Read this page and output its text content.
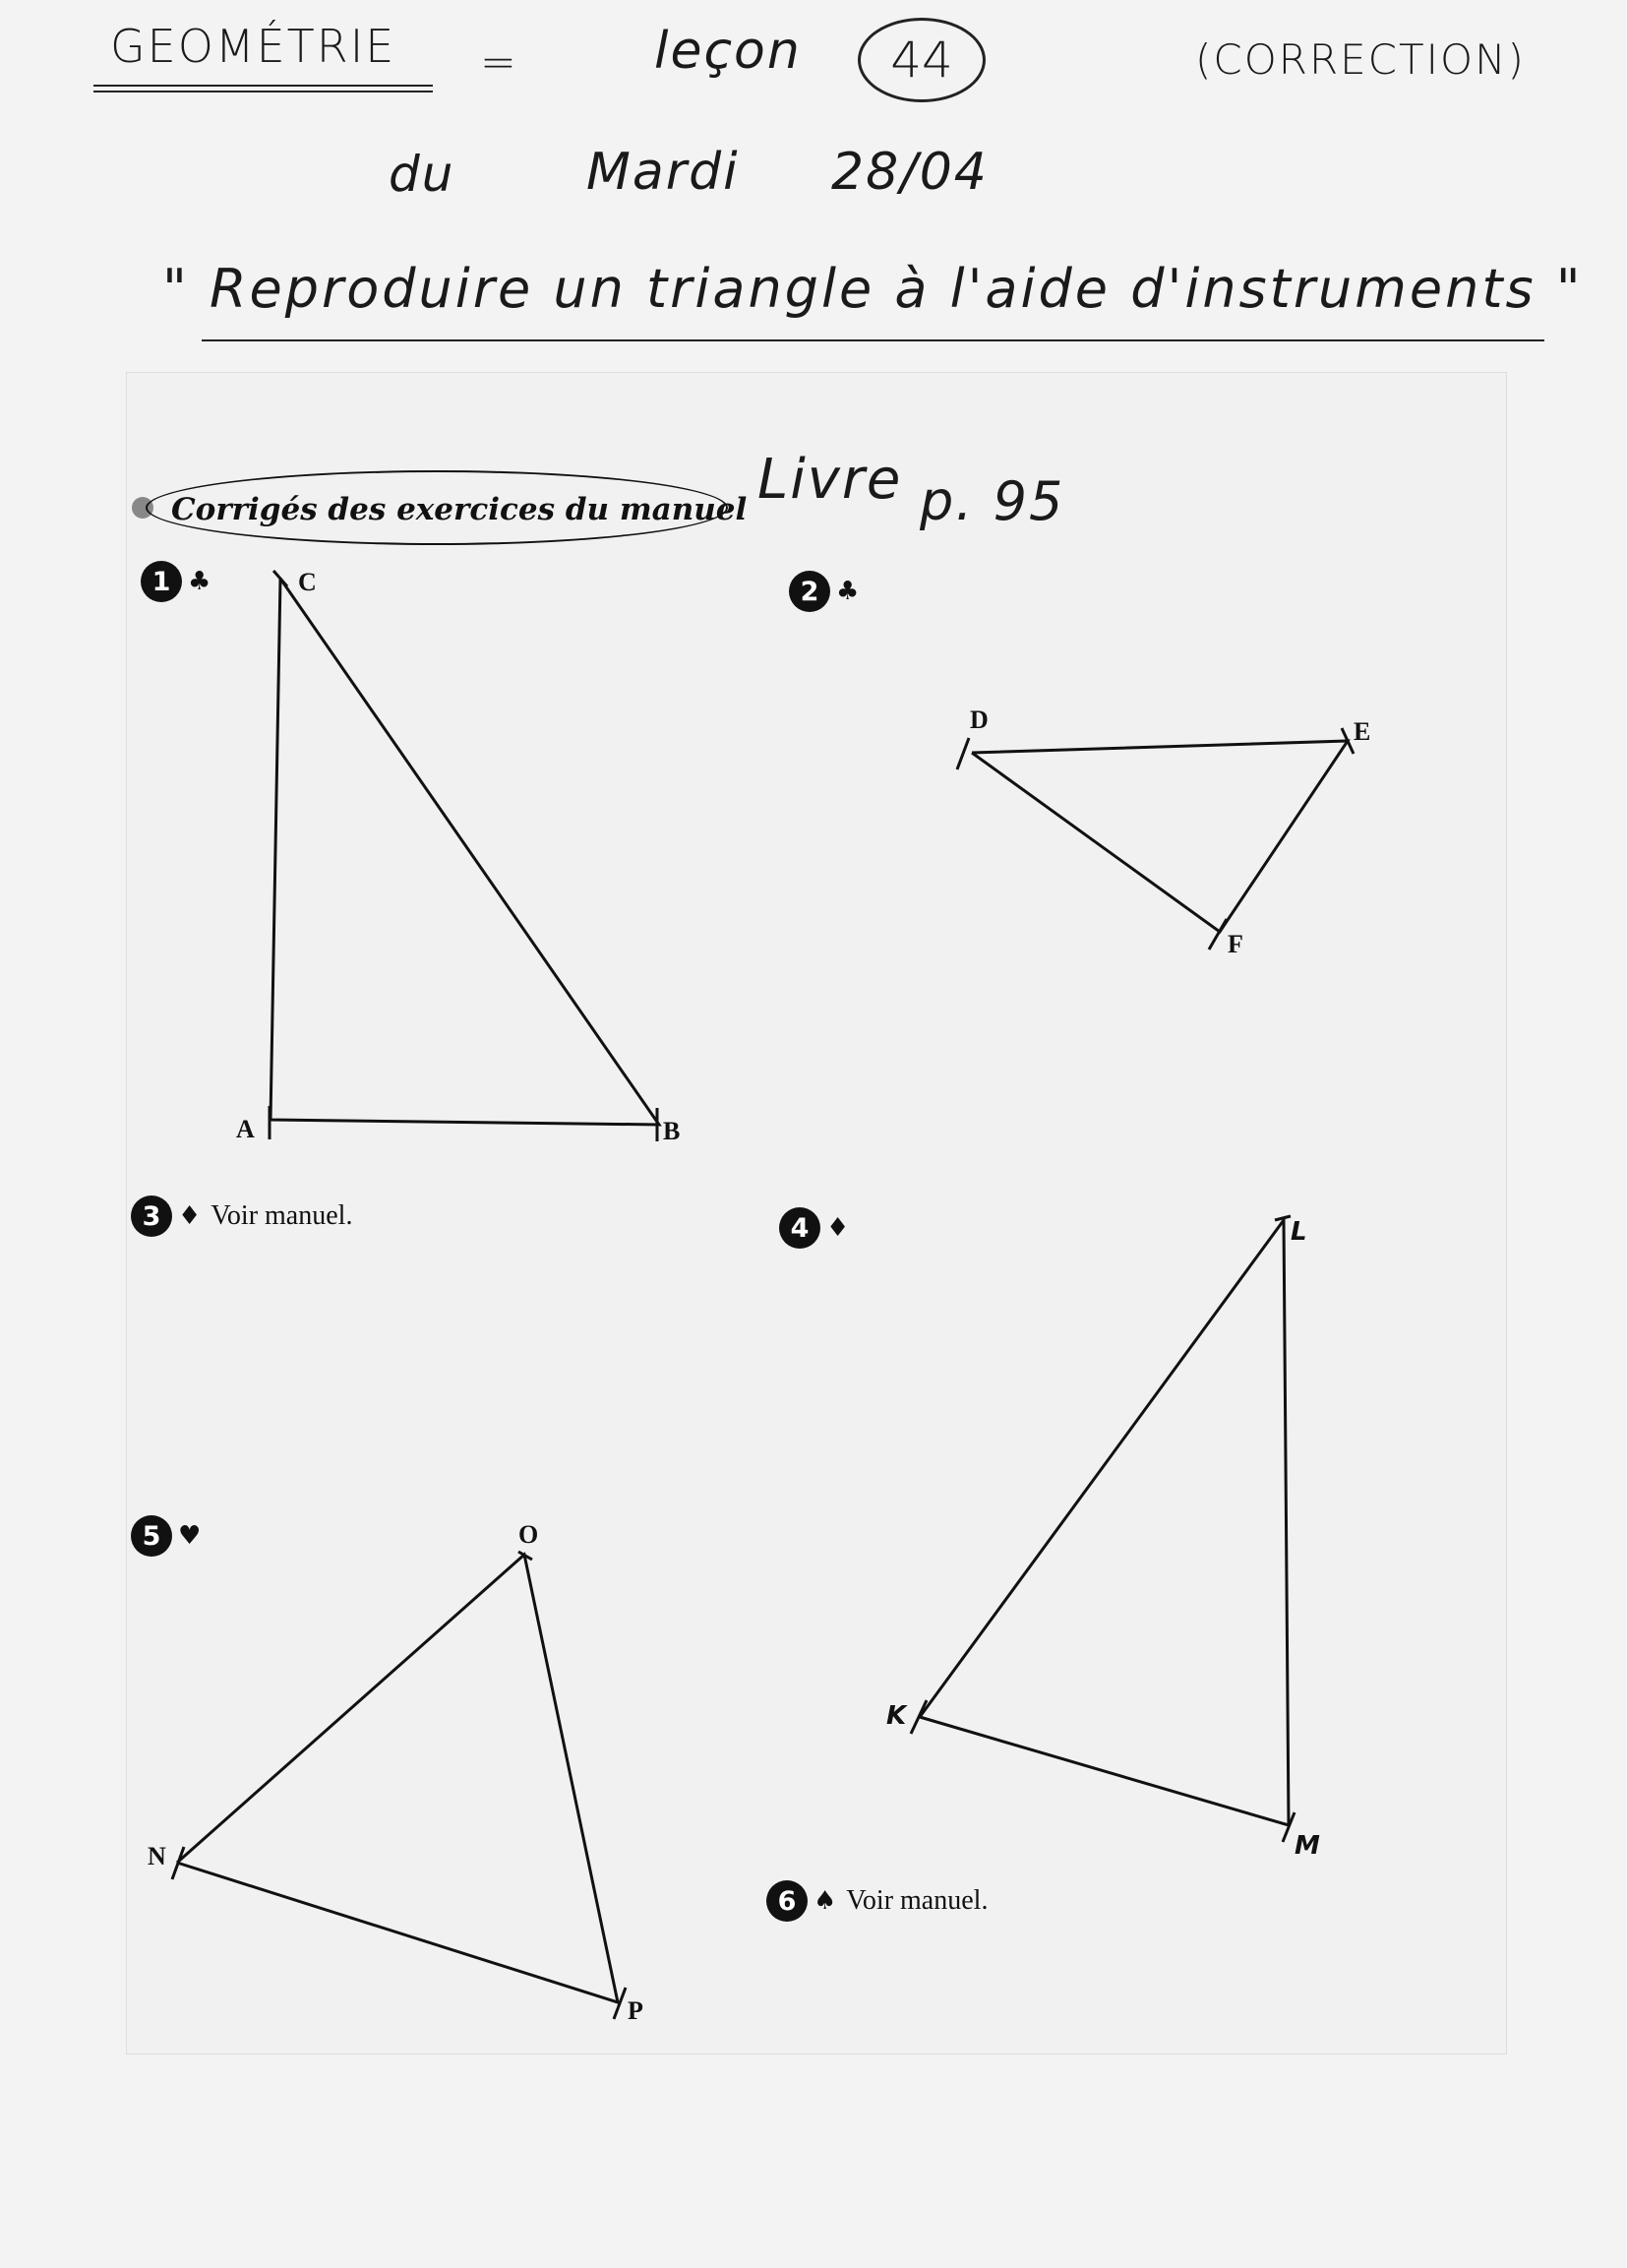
GEOMÉTRIE =	leçon	44	(CORRECTION)
du	Mardi 28/04
" Reproduire un triangle à l'aide d'instruments "
Livre p. 95
Corrigés des exercices du manuel
1 ♣	2 ♣
3 ♦ Voir manuel.	4 ♦
5 ♥
6 ♠ Voir manuel.
A	B
C
D	E
F
K
L
M
N
O
P
